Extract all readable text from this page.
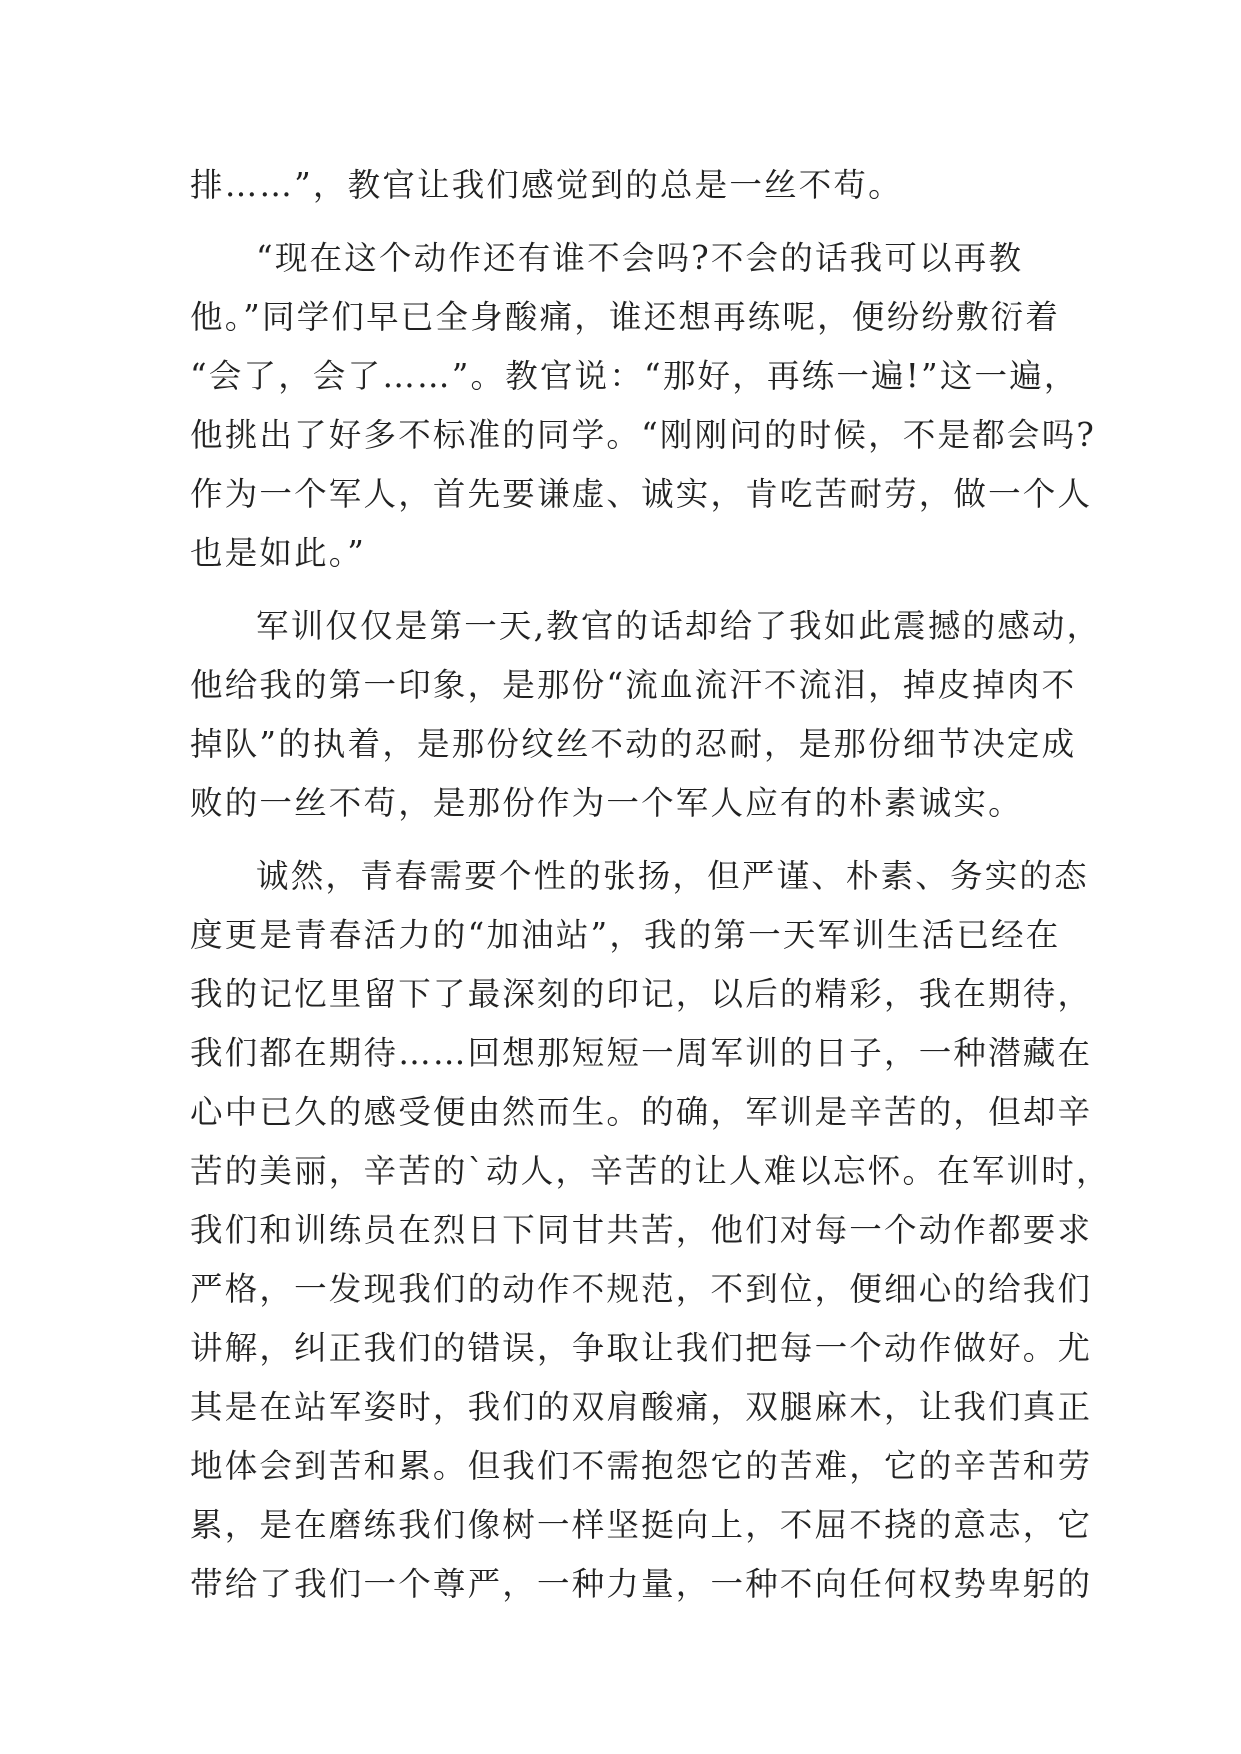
排……”，教官让我们感觉到的总是一丝不苟。
“现在这个动作还有谁不会吗?不会的话我可以再教
他。”同学们早已全身酸痛，谁还想再练呢，便纷纷敷衍着
“会了，会了……”。教官说：“那好，再练一遍!”这一遍，
他挑出了好多不标准的同学。“刚刚问的时候，不是都会吗?
作为一个军人，首先要谦虚、诚实，肯吃苦耐劳，做一个人
也是如此。”
军训仅仅是第一天,教官的话却给了我如此震撼的感动，
他给我的第一印象，是那份“流血流汗不流泪，掉皮掉肉不
掉队”的执着，是那份纹丝不动的忍耐，是那份细节决定成
败的一丝不苟，是那份作为一个军人应有的朴素诚实。
诚然，青春需要个性的张扬，但严谨、朴素、务实的态
度更是青春活力的“加油站”，我的第一天军训生活已经在
我的记忆里留下了最深刻的印记，以后的精彩，我在期待，
我们都在期待……回想那短短一周军训的日子，一种潜藏在
心中已久的感受便由然而生。的确，军训是辛苦的，但却辛
苦的美丽，辛苦的`动人，辛苦的让人难以忘怀。在军训时，
我们和训练员在烈日下同甘共苦，他们对每一个动作都要求
严格，一发现我们的动作不规范，不到位，便细心的给我们
讲解，纠正我们的错误，争取让我们把每一个动作做好。尤
其是在站军姿时，我们的双肩酸痛，双腿麻木，让我们真正
地体会到苦和累。但我们不需抱怨它的苦难，它的辛苦和劳
累，是在磨练我们像树一样坚挺向上，不屈不挠的意志，它
带给了我们一个尊严，一种力量，一种不向任何权势卑躬的
